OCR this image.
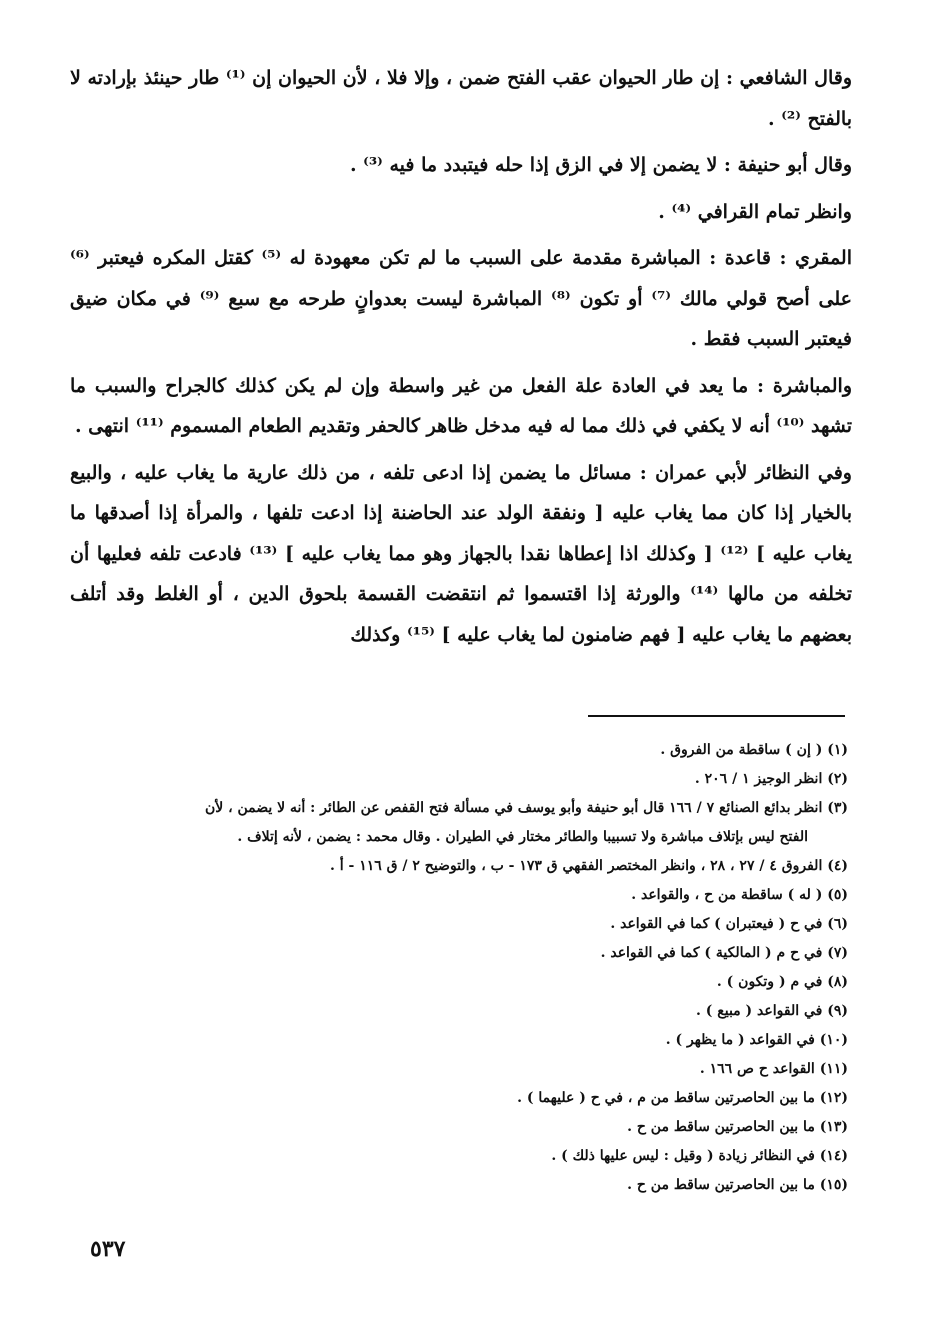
وقال الشافعي : إن طار الحيوان عقب الفتح ضمن ، وإلا فلا ، لأن الحيوان إن ⁽¹⁾ طار حينئذ بإرادته لا بالفتح ⁽²⁾ .

وقال أبو حنيفة : لا يضمن إلا في الزق إذا حله فيتبدد ما فيه ⁽³⁾ .

وانظر تمام القرافي ⁽⁴⁾ .

المقري : قاعدة : المباشرة مقدمة على السبب ما لم تكن معهودة له ⁽⁵⁾ كقتل المكره فيعتبر ⁽⁶⁾ على أصح قولي مالك ⁽⁷⁾ أو تكون ⁽⁸⁾ المباشرة ليست بعدوانٍ طرحه مع سبع ⁽⁹⁾ في مكان ضيق فيعتبر السبب فقط .

والمباشرة : ما يعد في العادة علة الفعل من غير واسطة وإن لم يكن كذلك كالجراح والسبب ما تشهد ⁽¹⁰⁾ أنه لا يكفي في ذلك مما له فيه مدخل ظاهر كالحفر وتقديم الطعام المسموم ⁽¹¹⁾ انتهى .

وفي النظائر لأبي عمران : مسائل ما يضمن إذا ادعى تلفه ، من ذلك عارية ما يغاب عليه ، والبيع بالخيار إذا كان مما يغاب عليه [ ونفقة الولد عند الحاضنة إذا ادعت تلفها ، والمرأة إذا أصدقها ما يغاب عليه ] ⁽¹²⁾ [ وكذلك اذا إعطاها نقدا بالجهاز وهو مما يغاب عليه ] ⁽¹³⁾ فادعت تلفه فعليها أن تخلفه من مالها ⁽¹⁴⁾ والورثة إذا اقتسموا ثم انتقضت القسمة بلحوق الدين ، أو الغلط وقد أتلف بعضهم ما يغاب عليه [ فهم ضامنون لما يغاب عليه ] ⁽¹⁵⁾ وكذلك

(١) ( إن ) ساقطة من الفروق .

(٢) انظر الوجيز ١ / ٢٠٦ .

(٣) انظر بدائع الصنائع ٧ / ١٦٦ قال أبو حنيفة وأبو يوسف في مسألة فتح القفص عن الطائر : أنه لا يضمن ، لأن

الفتح ليس بإتلاف مباشرة ولا تسبيبا والطائر مختار في الطيران . وقال محمد : يضمن ، لأنه إتلاف .

(٤) الفروق ٤ / ٢٧ ، ٢٨ ، وانظر المختصر الفقهي ق ١٧٣ - ب ، والتوضيح ٢ / ق ١١٦ - أ .

(٥) ( له ) ساقطة من ح ، والقواعد .

(٦) في ح ( فيعتبران ) كما في القواعد .

(٧) في ح م ( المالكية ) كما في القواعد .

(٨) في م ( وتكون ) .

(٩) في القواعد ( مبيع ) .

(١٠) في القواعد ( ما يظهر ) .

(١١) القواعد ح ص ١٦٦ .

(١٢) ما بين الحاصرتين ساقط من م ، في ح ( عليهما ) .

(١٣) ما بين الحاصرتين ساقط من ح .

(١٤) في النظائر زيادة ( وقيل : ليس عليها ذلك ) .

(١٥) ما بين الحاصرتين ساقط من ح .

٥٣٧
